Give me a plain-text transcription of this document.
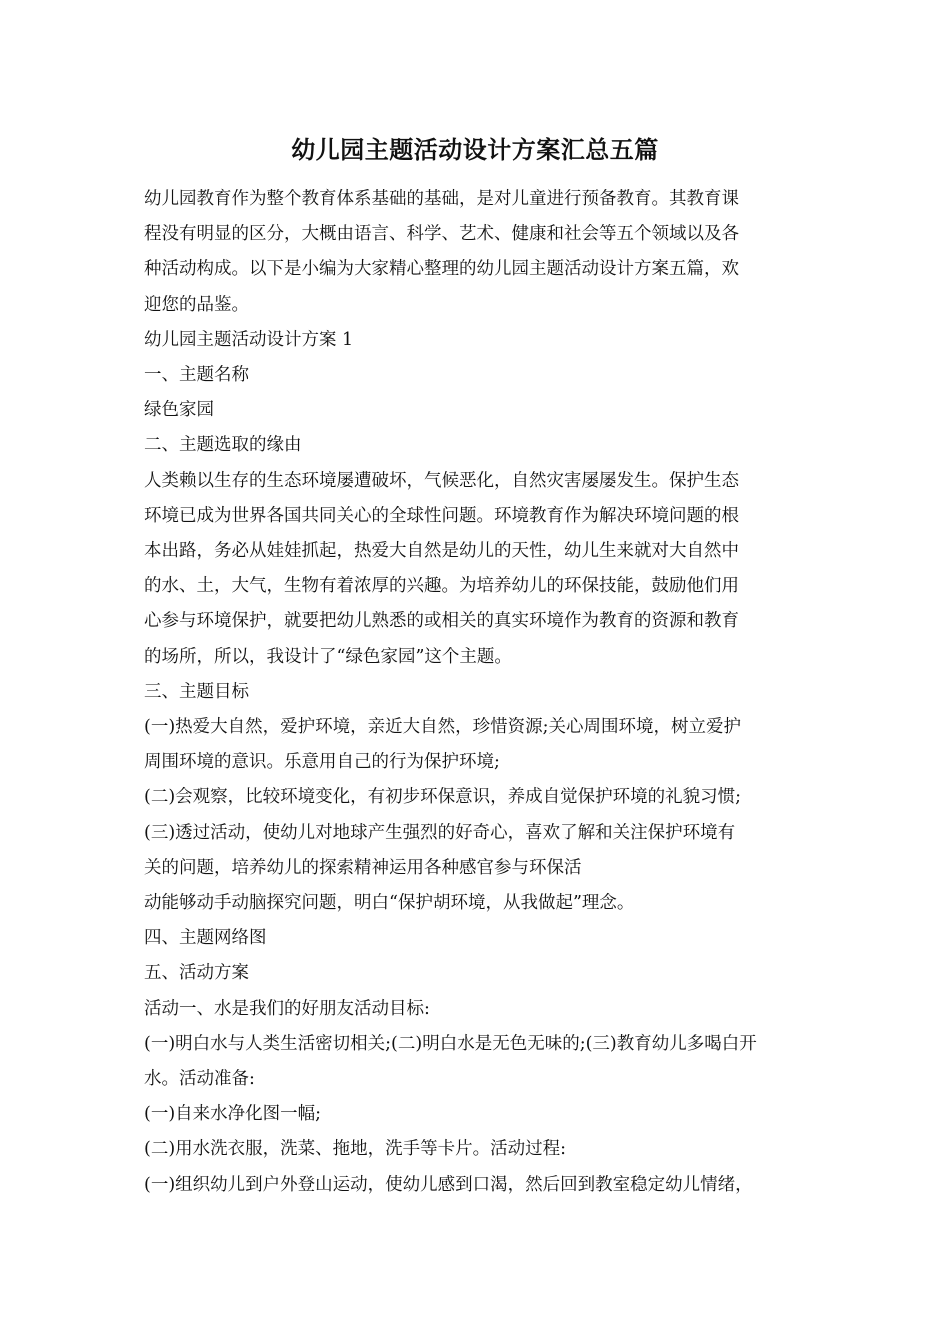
幼儿园主题活动设计方案汇总五篇
幼儿园教育作为整个教育体系基础的基础，是对儿童进行预备教育。其教育课
程没有明显的区分，大概由语言、科学、艺术、健康和社会等五个领域以及各
种活动构成。以下是小编为大家精心整理的幼儿园主题活动设计方案五篇，欢
迎您的品鉴。
幼儿园主题活动设计方案 1
一、主题名称
绿色家园
二、主题选取的缘由
人类赖以生存的生态环境屡遭破坏，气候恶化，自然灾害屡屡发生。保护生态
环境已成为世界各国共同关心的全球性问题。环境教育作为解决环境问题的根
本出路，务必从娃娃抓起，热爱大自然是幼儿的天性，幼儿生来就对大自然中
的水、土，大气，生物有着浓厚的兴趣。为培养幼儿的环保技能，鼓励他们用
心参与环境保护，就要把幼儿熟悉的或相关的真实环境作为教育的资源和教育
的场所，所以，我设计了“绿色家园”这个主题。
三、主题目标
(一)热爱大自然，爱护环境，亲近大自然，珍惜资源;关心周围环境，树立爱护
周围环境的意识。乐意用自己的行为保护环境;
(二)会观察，比较环境变化，有初步环保意识，养成自觉保护环境的礼貌习惯;
(三)透过活动，使幼儿对地球产生强烈的好奇心，喜欢了解和关注保护环境有
关的问题，培养幼儿的探索精神运用各种感官参与环保活
动能够动手动脑探究问题，明白“保护胡环境，从我做起”理念。
四、主题网络图
五、活动方案
活动一、水是我们的好朋友活动目标:
(一)明白水与人类生活密切相关;(二)明白水是无色无味的;(三)教育幼儿多喝白开
水。活动准备:
(一)自来水净化图一幅;
(二)用水洗衣服，洗菜、拖地，洗手等卡片。活动过程:
(一)组织幼儿到户外登山运动，使幼儿感到口渴，然后回到教室稳定幼儿情绪，
